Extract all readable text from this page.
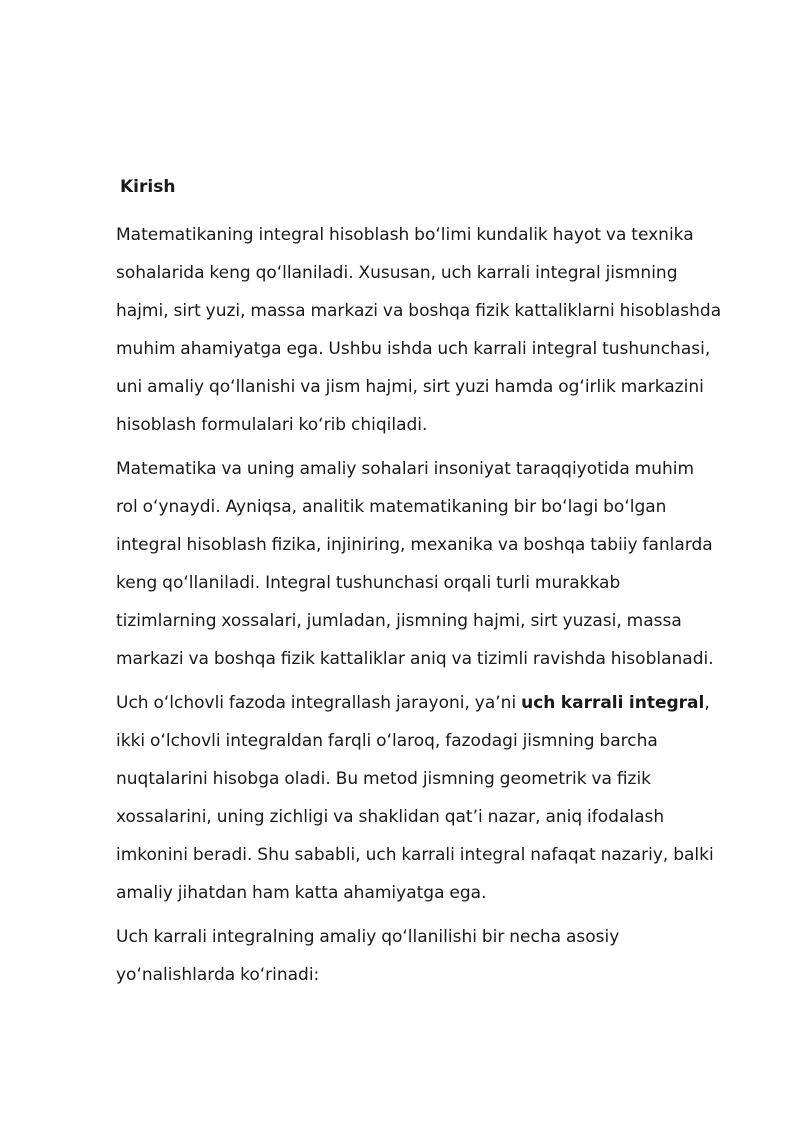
Kirish
Matematikaning integral hisoblash boʻlimi kundalik hayot va texnika
sohalarida keng qoʻllaniladi. Xususan, uch karrali integral jismning
hajmi, sirt yuzi, massa markazi va boshqa fizik kattaliklarni hisoblashda
muhim ahamiyatga ega. Ushbu ishda uch karrali integral tushunchasi,
uni amaliy qoʻllanishi va jism hajmi, sirt yuzi hamda ogʻirlik markazini
hisoblash formulalari koʻrib chiqiladi.
Matematika va uning amaliy sohalari insoniyat taraqqiyotida muhim
rol oʻynaydi. Ayniqsa, analitik matematikaning bir boʻlagi boʻlgan
integral hisoblash fizika, injiniring, mexanika va boshqa tabiiy fanlarda
keng qoʻllaniladi. Integral tushunchasi orqali turli murakkab
tizimlarning xossalari, jumladan, jismning hajmi, sirt yuzasi, massa
markazi va boshqa fizik kattaliklar aniq va tizimli ravishda hisoblanadi.
Uch oʻlchovli fazoda integrallash jarayoni, yaʼni uch karrali integral,
ikki oʻlchovli integraldan farqli oʻlaroq, fazodagi jismning barcha
nuqtalarini hisobga oladi. Bu metod jismning geometrik va fizik
xossalarini, uning zichligi va shaklidan qatʼi nazar, aniq ifodalash
imkonini beradi. Shu sababli, uch karrali integral nafaqat nazariy, balki
amaliy jihatdan ham katta ahamiyatga ega.
Uch karrali integralning amaliy qoʻllanilishi bir necha asosiy
yoʻnalishlarda koʻrinadi:
